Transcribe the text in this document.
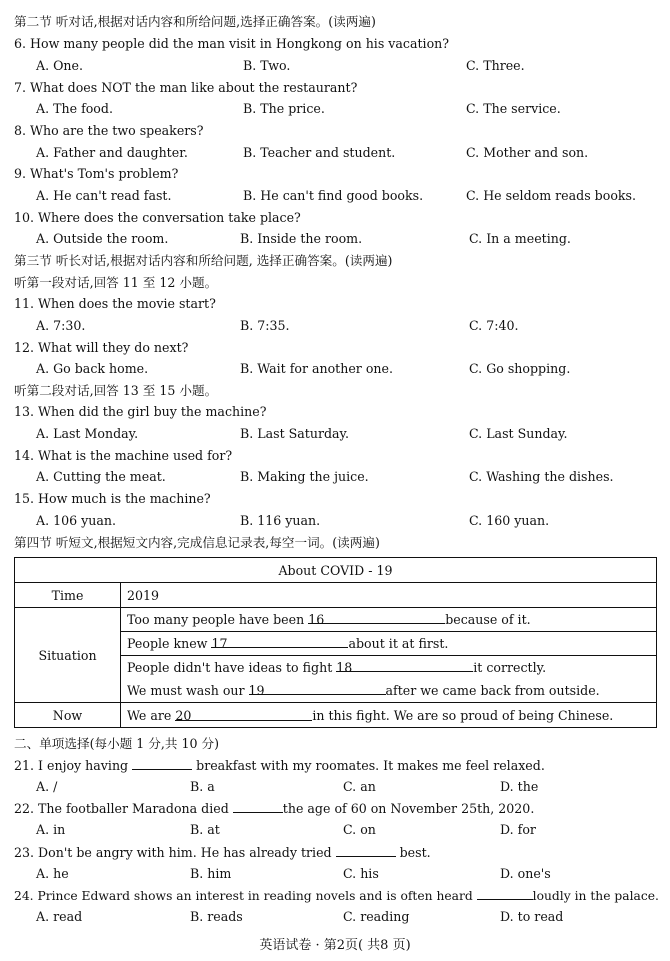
第二节 听对话,根据对话内容和所给问题,选择正确答案。(读两遍)
6. How many people did the man visit in Hongkong on his vacation?
A. One.	B. Two.	C. Three.
7. What does NOT the man like about the restaurant?
A. The food.	B. The price.	C. The service.
8. Who are the two speakers?
A. Father and daughter.	B. Teacher and student.	C. Mother and son.
9. What's Tom's problem?
A. He can't read fast.	B. He can't find good books.	C. He seldom reads books.
10. Where does the conversation take place?
A. Outside the room.	B. Inside the room.	C. In a meeting.
第三节 听长对话,根据对话内容和所给问题, 选择正确答案。(读两遍)
听第一段对话,回答 11 至 12 小题。
11. When does the movie start?
A. 7:30.	B. 7:35.	C. 7:40.
12. What will they do next?
A. Go back home.	B. Wait for another one.	C. Go shopping.
听第二段对话,回答 13 至 15 小题。
13. When did the girl buy the machine?
A. Last Monday.	B. Last Saturday.	C. Last Sunday.
14. What is the machine used for?
A. Cutting the meat.	B. Making the juice.	C. Washing the dishes.
15. How much is the machine?
A. 106 yuan.	B. 116 yuan.	C. 160 yuan.
第四节 听短文,根据短文内容,完成信息记录表,每空一词。(读两遍)
About COVID - 19	
Time	2019
Situation	Too many people have been 16 because of it.
People knew 17 about it at first.
People didn't have ideas to fight 18 it correctly.
We must wash our 19 after we came back from outside.

Now	We are 20 in this fight. We are so proud of being Chinese.
二、单项选择(每小题 1 分,共 10 分)
21. I enjoy having	breakfast with my roomates. It makes me feel relaxed.
A. /	B. a	C. an	D. the
22. The footballer Maradona died	the age of 60 on November 25th, 2020.
A. in	B. at	C. on	D. for
23. Don't be angry with him. He has already tried	best.
A. he	B. him	C. his	D. one's
24. Prince Edward shows an interest in reading novels and is often heard	loudly in the palace.
A. read	B. reads	C. reading	D. to read
英语试卷 · 第2页( 共8 页)
